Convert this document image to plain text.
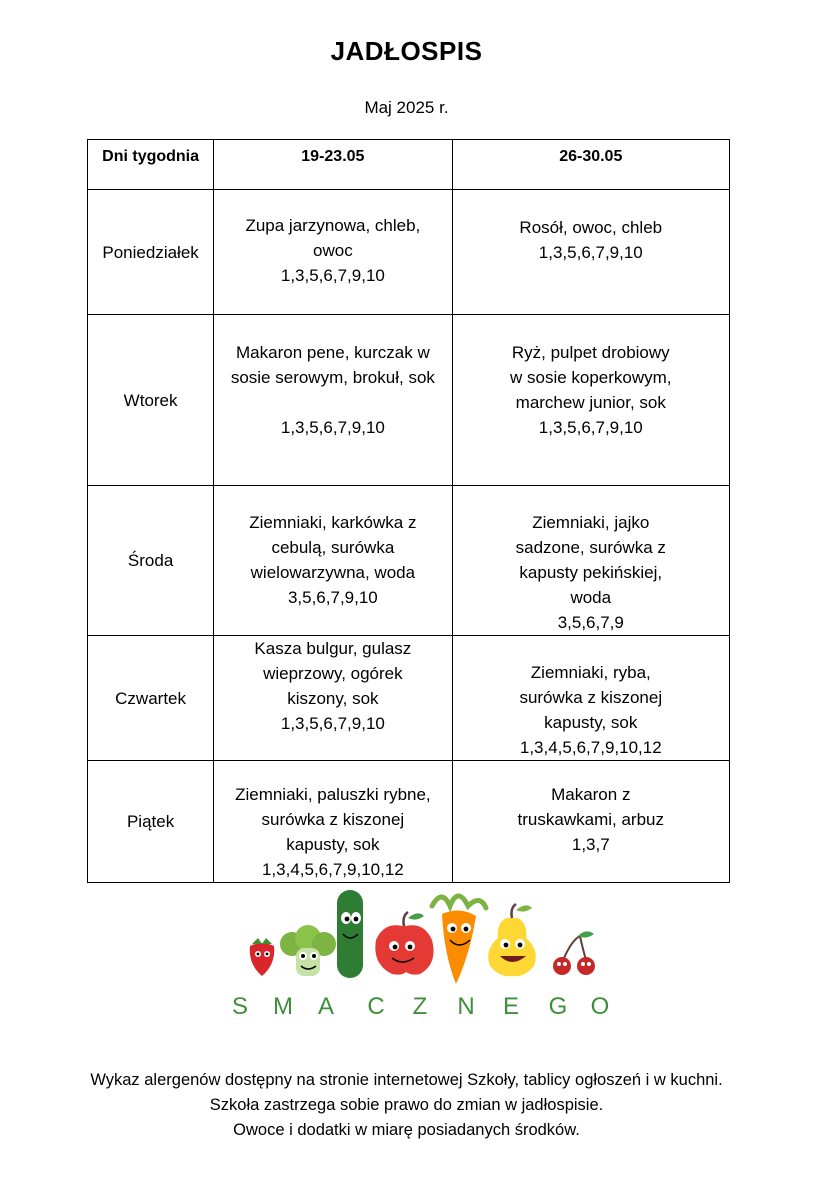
JADŁOSPIS
Maj 2025 r.
Dni tygodnia	19-23.05	26-30.05
Poniedziałek	Zupa jarzynowa, chleb,
owoc
1,3,5,6,7,9,10	Rosół, owoc, chleb
1,3,5,6,7,9,10

Wtorek	Makaron pene, kurczak w
sosie serowym, brokuł, sok
1,3,5,6,7,9,10	Ryż, pulpet drobiowy
w sosie koperkowym,
marchew junior, sok
1,3,5,6,7,9,10

Środa	Ziemniaki, karkówka z
cebulą, surówka
wielowarzywna, woda
3,5,6,7,9,10	Ziemniaki, jajko
sadzone, surówka z
kapusty pekińskiej,
woda
3,5,6,7,9

Czwartek	Kasza bulgur, gulasz
wieprzowy, ogórek
kiszony, sok
1,3,5,6,7,9,10	Ziemniaki, ryba,
surówka z kiszonej
kapusty, sok
1,3,4,5,6,7,9,10,12

Piątek	Ziemniaki, paluszki rybne,
surówka z kiszonej
kapusty, sok
1,3,4,5,6,7,9,10,12	Makaron z
truskawkami, arbuz
1,3,7
S M A C Z N E G O
Wykaz alergenów dostępny na stronie internetowej Szkoły, tablicy ogłoszeń i w kuchni.
Szkoła zastrzega sobie prawo do zmian w jadłospisie.
Owoce i dodatki w miarę posiadanych środków.
